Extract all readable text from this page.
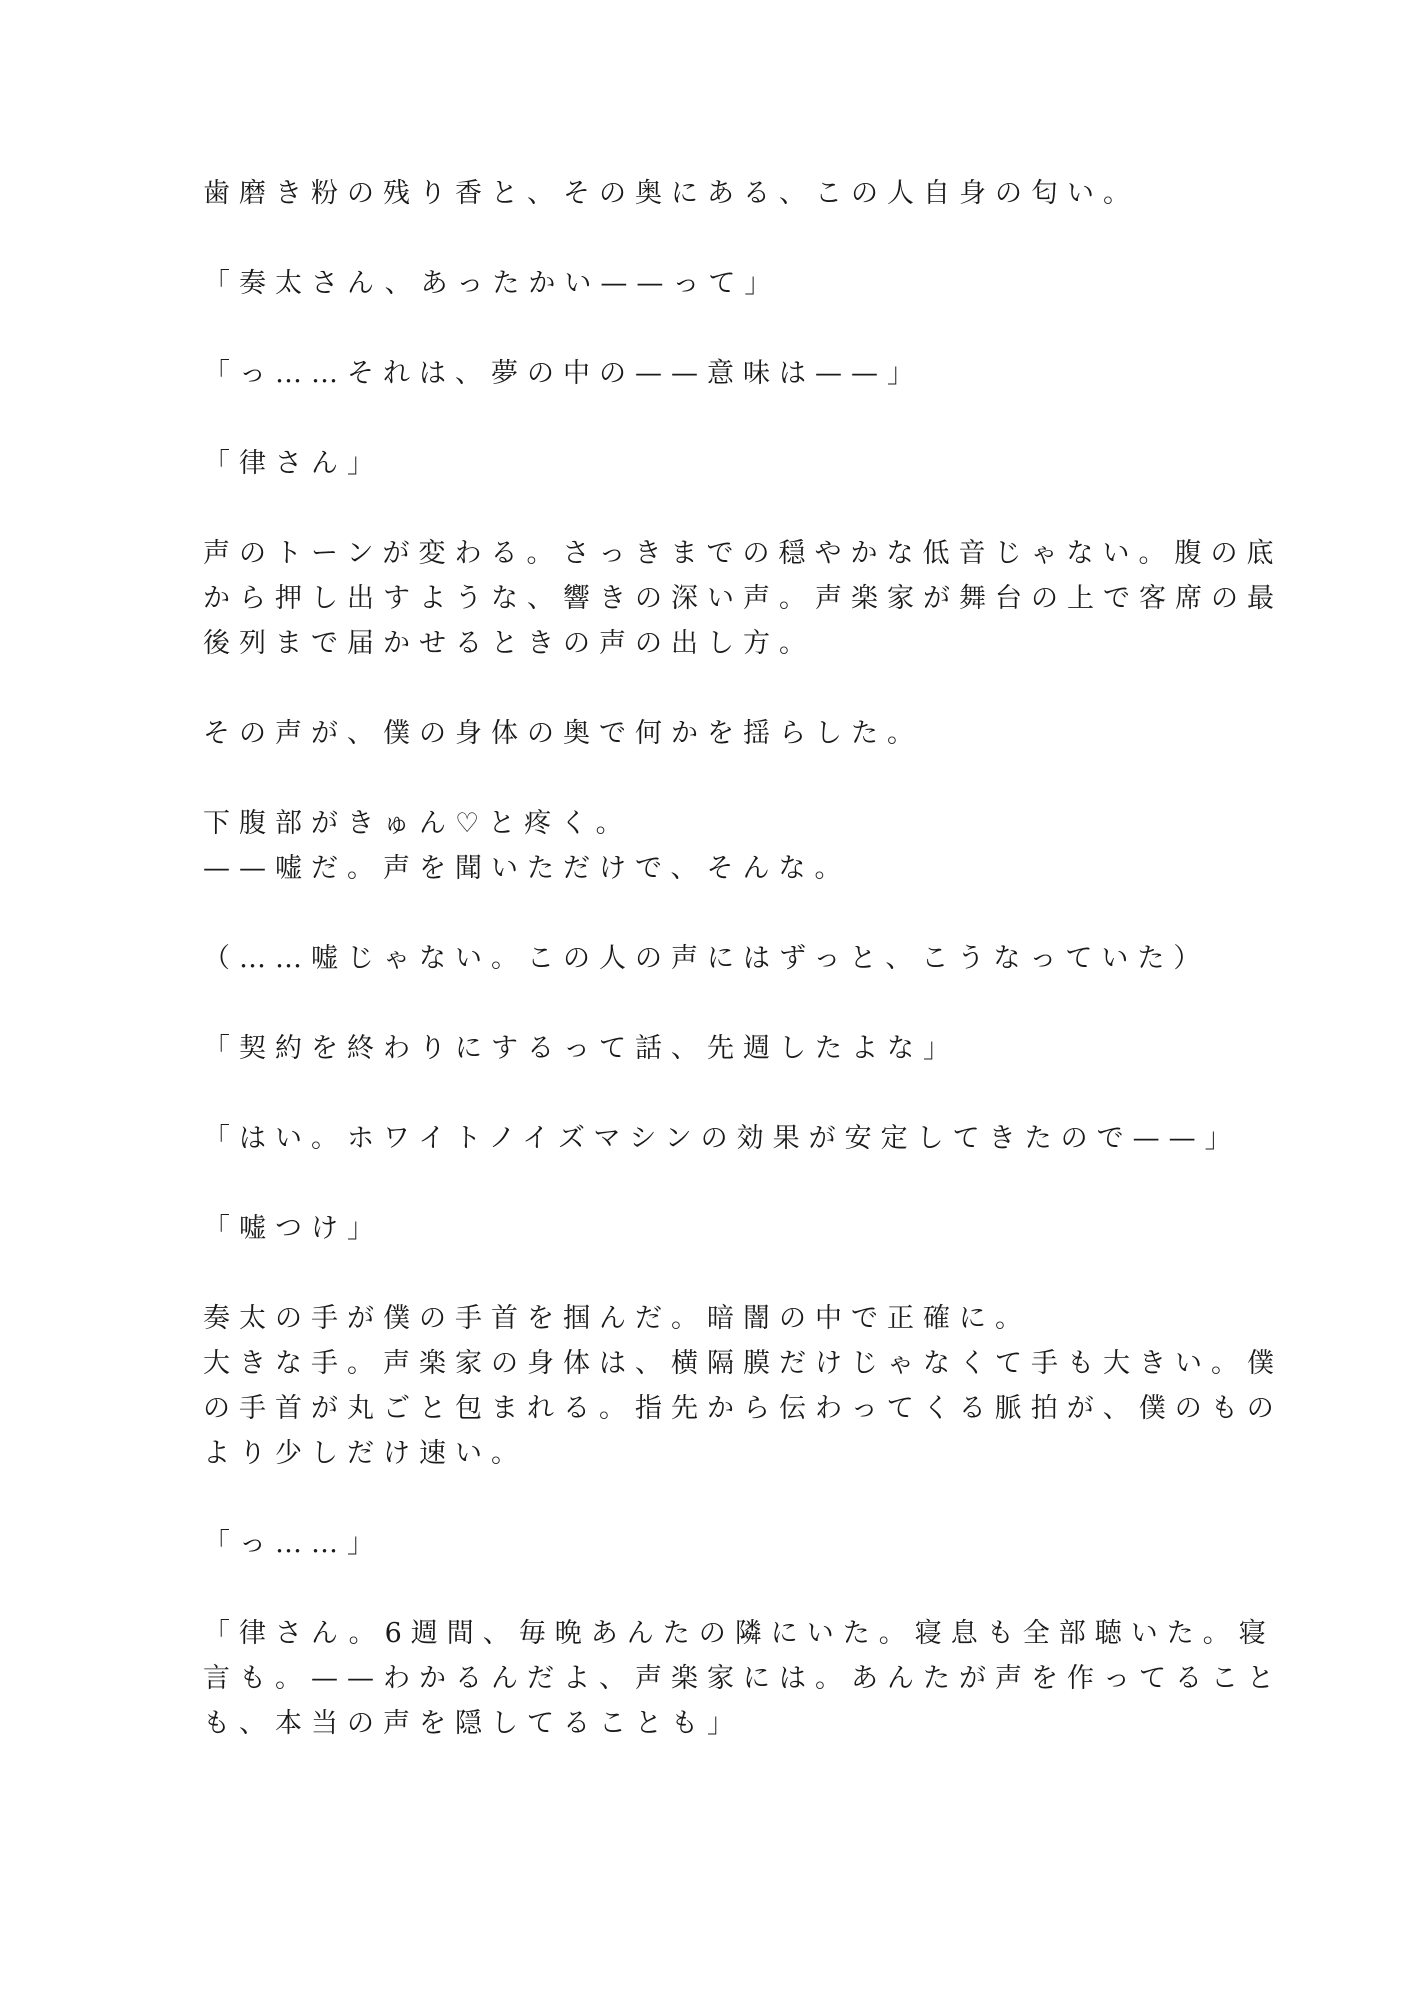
歯磨き粉の残り香と、その奥にある、この人自身の匂い。
「奏太さん、あったかい——って」
「っ……それは、夢の中の——意味は——」
「律さん」
声のトーンが変わる。さっきまでの穏やかな低音じゃない。腹の底
から押し出すような、響きの深い声。声楽家が舞台の上で客席の最
後列まで届かせるときの声の出し方。
その声が、僕の身体の奥で何かを揺らした。
下腹部がきゅん♡と疼く。
——嘘だ。声を聞いただけで、そんな。
（……嘘じゃない。この人の声にはずっと、こうなっていた）
「契約を終わりにするって話、先週したよな」
「はい。ホワイトノイズマシンの効果が安定してきたので——」
「嘘つけ」
奏太の手が僕の手首を掴んだ。暗闇の中で正確に。
大きな手。声楽家の身体は、横隔膜だけじゃなくて手も大きい。僕
の手首が丸ごと包まれる。指先から伝わってくる脈拍が、僕のもの
より少しだけ速い。
「っ……」
「律さん。6週間、毎晩あんたの隣にいた。寝息も全部聴いた。寝
言も。——わかるんだよ、声楽家には。あんたが声を作ってること
も、本当の声を隠してることも」
